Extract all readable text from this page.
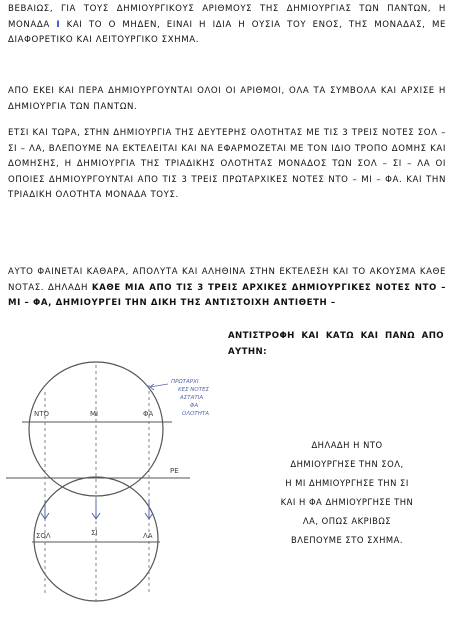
ΒΕΒΑΙΩΣ, ΓΙΑ ΤΟΥΣ ΔΗΜΙΟΥΡΓΙΚΟΥΣ ΑΡΙΘΜΟΥΣ ΤΗΣ ΔΗΜΙΟΥΡΓΙΑΣ ΤΩΝ ΠΑΝΤΩΝ, Η ΜΟΝΑΔΑ Ι ΚΑΙ ΤΟ Ο ΜΗΔΕΝ, ΕΙΝΑΙ Η ΙΔΙΑ Η ΟΥΣΙΑ ΤΟΥ ΕΝΟΣ, ΤΗΣ ΜΟΝΑΔΑΣ, ΜΕ ΔΙΑΦΟΡΕΤΙΚΟ ΚΑΙ ΛΕΙΤΟΥΡΓΙΚΟ ΣΧΗΜΑ.

ΑΠΟ ΕΚΕΙ ΚΑΙ ΠΕΡΑ ΔΗΜΙΟΥΡΓΟΥΝΤΑΙ ΟΛΟΙ ΟΙ ΑΡΙΘΜΟΙ, ΟΛΑ ΤΑ ΣΥΜΒΟΛΑ ΚΑΙ ΑΡΧΙΣΕ Η ΔΗΜΙΟΥΡΓΙΑ ΤΩΝ ΠΑΝΤΩΝ.

ΕΤΣΙ ΚΑΙ ΤΩΡΑ, ΣΤΗΝ ΔΗΜΙΟΥΡΓΙΑ ΤΗΣ ΔΕΥΤΕΡΗΣ ΟΛΟΤΗΤΑΣ ΜΕ ΤΙΣ 3 ΤΡΕΙΣ ΝΟΤΕΣ ΣΟΛ – ΣΙ – ΛΑ, ΒΛΕΠΟΥΜΕ ΝΑ ΕΚΤΕΛΕΙΤΑΙ ΚΑΙ ΝΑ ΕΦΑΡΜΟΖΕΤΑΙ ΜΕ ΤΟΝ ΙΔΙΟ ΤΡΟΠΟ ΔΟΜΗΣ ΚΑΙ ΔΟΜΗΣΗΣ, Η ΔΗΜΙΟΥΡΓΙΑ ΤΗΣ ΤΡΙΑΔΙΚΗΣ ΟΛΟΤΗΤΑΣ ΜΟΝΑΔΟΣ ΤΩΝ ΣΟΛ – ΣΙ – ΛΑ ΟΙ ΟΠΟΙΕΣ ΔΗΜΙΟΥΡΓΟΥΝΤΑΙ ΑΠΟ ΤΙΣ 3 ΤΡΕΙΣ ΠΡΩΤΑΡΧΙΚΕΣ ΝΟΤΕΣ ΝΤΟ – ΜΙ – ΦΑ. ΚΑΙ ΤΗΝ ΤΡΙΑΔΙΚΗ ΟΛΟΤΗΤΑ ΜΟΝΑΔΑ ΤΟΥΣ.

ΑΥΤΟ ΦΑΙΝΕΤΑΙ ΚΑΘΑΡΑ, ΑΠΟΛΥΤΑ ΚΑΙ ΑΛΗΘΙΝΑ ΣΤΗΝ ΕΚΤΕΛΕΣΗ ΚΑΙ ΤΟ ΑΚΟΥΣΜΑ ΚΑΘΕ ΝΟΤΑΣ. ΔΗΛΑΔΗ ΚΑΘΕ ΜΙΑ ΑΠΟ ΤΙΣ 3 ΤΡΕΙΣ ΑΡΧΙΚΕΣ ΔΗΜΙΟΥΡΓΙΚΕΣ ΝΟΤΕΣ ΝΤΟ – ΜΙ – ΦΑ, ΔΗΜΙΟΥΡΓΕΙ ΤΗΝ ΔΙΚΗ ΤΗΣ ΑΝΤΙΣΤΟΙΧΗ ΑΝΤΙΘΕΤΗ –

ΑΝΤΙΣΤΡΟΦΗ ΚΑΙ ΚΑΤΩ ΚΑΙ ΠΑΝΩ ΑΠΟ ΑΥΤΗΝ:

ΝΤΟ	ΜΙ	ΦΑ
ΣΟΛ	ΣΙ	ΛΑ
ΡΕ
ΠΡΩΤΑΡΧΙ
ΚΕΣ ΝΟΤΕΣ
ΑΣΤΑΤΙΑ
ΦΑ
ΟΛΟΤΗΤΑ
ΔΗΛΑΔΗ Η ΝΤΟ
ΔΗΜΙΟΥΡΓΗΣΕ ΤΗΝ ΣΟΛ,
Η ΜΙ ΔΗΜΙΟΥΡΓΗΣΕ ΤΗΝ ΣΙ
ΚΑΙ Η ΦΑ ΔΗΜΙΟΥΡΓΗΣΕ ΤΗΝ
ΛΑ, ΟΠΩΣ ΑΚΡΙΒΩΣ
ΒΛΕΠΟΥΜΕ ΣΤΟ ΣΧΗΜΑ.
